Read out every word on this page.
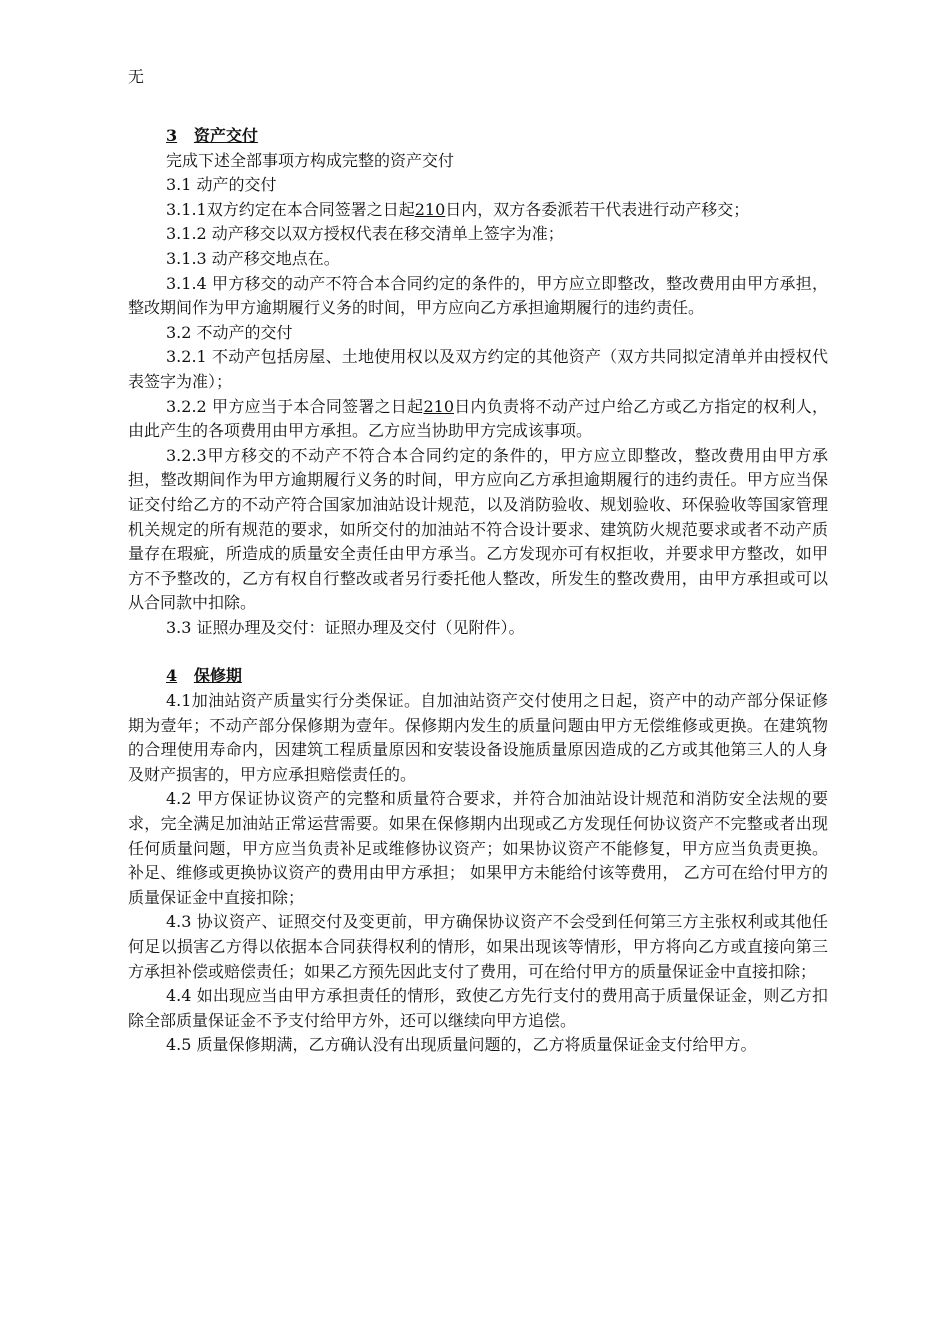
无
3 资产交付

完成下述全部事项方构成完整的资产交付

3.1 动产的交付

3.1.1双方约定在本合同签署之日起210日内，双方各委派若干代表进行动产移交；

3.1.2 动产移交以双方授权代表在移交清单上签字为准；

3.1.3 动产移交地点在。

3.1.4 甲方移交的动产不符合本合同约定的条件的，甲方应立即整改，整改费用由甲方承担，整改期间作为甲方逾期履行义务的时间，甲方应向乙方承担逾期履行的违约责任。

3.2 不动产的交付

3.2.1 不动产包括房屋、土地使用权以及双方约定的其他资产（双方共同拟定清单并由授权代表签字为准）；

3.2.2 甲方应当于本合同签署之日起210日内负责将不动产过户给乙方或乙方指定的权利人，由此产生的各项费用由甲方承担。乙方应当协助甲方完成该事项。

3.2.3甲方移交的不动产不符合本合同约定的条件的，甲方应立即整改，整改费用由甲方承担，整改期间作为甲方逾期履行义务的时间，甲方应向乙方承担逾期履行的违约责任。甲方应当保证交付给乙方的不动产符合国家加油站设计规范，以及消防验收、规划验收、环保验收等国家管理机关规定的所有规范的要求，如所交付的加油站不符合设计要求、建筑防火规范要求或者不动产质量存在瑕疵，所造成的质量安全责任由甲方承当。乙方发现亦可有权拒收，并要求甲方整改，如甲方不予整改的，乙方有权自行整改或者另行委托他人整改，所发生的整改费用，由甲方承担或可以从合同款中扣除。

3.3 证照办理及交付：证照办理及交付（见附件）。

4 保修期

4.1加油站资产质量实行分类保证。自加油站资产交付使用之日起，资产中的动产部分保证修期为壹年；不动产部分保修期为壹年。保修期内发生的质量问题由甲方无偿维修或更换。在建筑物的合理使用寿命内，因建筑工程质量原因和安装设备设施质量原因造成的乙方或其他第三人的人身及财产损害的，甲方应承担赔偿责任的。

4.2 甲方保证协议资产的完整和质量符合要求，并符合加油站设计规范和消防安全法规的要求，完全满足加油站正常运营需要。如果在保修期内出现或乙方发现任何协议资产不完整或者出现任何质量问题，甲方应当负责补足或维修协议资产；如果协议资产不能修复，甲方应当负责更换。补足、维修或更换协议资产的费用由甲方承担； 如果甲方未能给付该等费用， 乙方可在给付甲方的质量保证金中直接扣除；

4.3 协议资产、证照交付及变更前，甲方确保协议资产不会受到任何第三方主张权利或其他任何足以损害乙方得以依据本合同获得权利的情形，如果出现该等情形，甲方将向乙方或直接向第三方承担补偿或赔偿责任；如果乙方预先因此支付了费用，可在给付甲方的质量保证金中直接扣除；

4.4 如出现应当由甲方承担责任的情形，致使乙方先行支付的费用高于质量保证金，则乙方扣除全部质量保证金不予支付给甲方外，还可以继续向甲方追偿。

4.5 质量保修期满，乙方确认没有出现质量问题的，乙方将质量保证金支付给甲方。
